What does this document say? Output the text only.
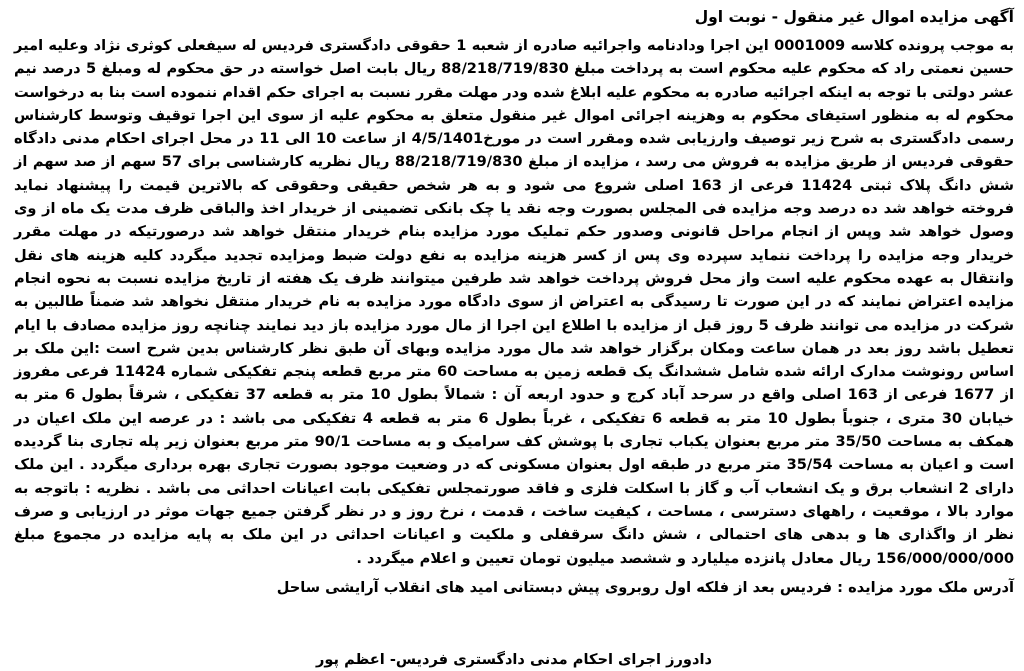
آگهی مزایده اموال غیر منقول - نوبت اول

به موجب پرونده کلاسه 0001009 این اجرا ودادنامه واجرائیه صادره از شعبه 1 حقوقی دادگستری فردیس له سیفعلی کوثری نژاد وعلیه امیر حسین نعمتی راد که محکوم علیه محکوم است به پرداخت مبلغ 88/218/719/830 ریال بابت اصل خواسته در حق محکوم له ومبلغ 5 درصد نیم عشر دولتی با توجه به اینکه اجرائیه صادره به محکوم علیه ابلاغ شده ودر مهلت مقرر نسبت به اجرای حکم اقدام ننموده است بنا به درخواست محکوم له به منظور استیفای محکوم به وهزینه اجرائی اموال غیر منقول متعلق به محکوم علیه از سوی این اجرا توقیف وتوسط کارشناس رسمی دادگستری به شرح زیر توصیف وارزیابی شده ومقرر است در مورخ4/5/1401 از ساعت 10 الی 11 در محل اجرای احکام مدنی دادگاه حقوقی فردیس از طریق مزایده به فروش می رسد ، مزایده از مبلغ 88/218/719/830 ریال نظریه کارشناسی برای 57 سهم از صد سهم از شش دانگ پلاک ثبتی 11424 فرعی از 163 اصلی شروع می شود و به هر شخص حقیقی وحقوقی که بالاترین قیمت را پیشنهاد نماید فروخته خواهد شد ده درصد وجه مزایده فی المجلس بصورت وجه نقد یا چک بانکی تضمینی از خریدار اخذ والباقی ظرف مدت یک ماه از وی وصول خواهد شد وپس از انجام مراحل قانونی وصدور حکم تملیک مورد مزایده بنام خریدار منتقل خواهد شد درصورتیکه در مهلت مقرر خریدار وجه مزایده را پرداخت ننماید سپرده وی پس از کسر هزینه مزایده به نفع دولت ضبط ومزایده تجدید میگردد کلیه هزینه های نقل وانتقال به عهده محکوم علیه است واز محل فروش پرداخت خواهد شد طرفین میتوانند ظرف یک هفته از تاریخ مزایده نسبت به نحوه انجام مزایده اعتراض نمایند که در این صورت تا رسیدگی به اعتراض از سوی دادگاه مورد مزایده به نام خریدار منتقل نخواهد شد ضمناً طالبین به شرکت در مزایده می توانند ظرف 5 روز قبل از مزایده با اطلاع این اجرا از مال مورد مزایده باز دید نمایند چنانچه روز مزایده مصادف با ایام تعطیل باشد روز بعد در همان ساعت ومکان برگزار خواهد شد مال مورد مزایده وبهای آن طبق نظر کارشناس بدین شرح است :این ملک بر اساس رونوشت مدارک ارائه شده شامل ششدانگ یک قطعه زمین به مساحت 60 متر مربع قطعه پنجم تفکیکی شماره 11424 فرعی مفروز از 1677 فرعی از 163 اصلی واقع در سرحد آباد کرج و حدود اربعه آن : شمالاً بطول 10 متر به قطعه 37 تفکیکی ، شرقاً بطول 6 متر به خیابان 30 متری ، جنوباً بطول 10 متر به قطعه 6 تفکیکی ، غرباً بطول 6 متر به قطعه 4 تفکیکی می باشد : در عرصه این ملک اعیان در همکف به مساحت 35/50 متر مربع بعنوان یکباب تجاری با پوشش کف سرامیک و به مساحت 90/1 متر مربع بعنوان زیر پله تجاری بنا گردیده است و اعیان به مساحت 35/54 متر مربع در طبقه اول بعنوان مسکونی که در وضعیت موجود بصورت تجاری بهره برداری میگردد . این ملک دارای 2 انشعاب برق و یک انشعاب آب و گاز با اسکلت فلزی و فاقد صورتمجلس تفکیکی بابت اعیانات احداثی می باشد . نظریه : باتوجه به موارد بالا ، موقعیت ، راههای دسترسی ، مساحت ، کیفیت ساخت ، قدمت ، نرخ روز و در نظر گرفتن جمیع جهات موثر در ارزیابی و صرف نظر از واگذاری ها و بدهی های احتمالی ، شش دانگ سرقفلی و ملکیت و اعیانات احداثی در این ملک به پایه مزایده در مجموع مبلغ 156/000/000/000 ریال معادل پانزده میلیارد و ششصد میلیون تومان تعیین و اعلام میگردد .

آدرس ملک مورد مزایده : فردیس بعد از فلکه اول روبروی پیش دبستانی امید های انقلاب آرایشی ساحل
دادورز اجرای احکام مدنی دادگستری فردیس- اعظم پور
